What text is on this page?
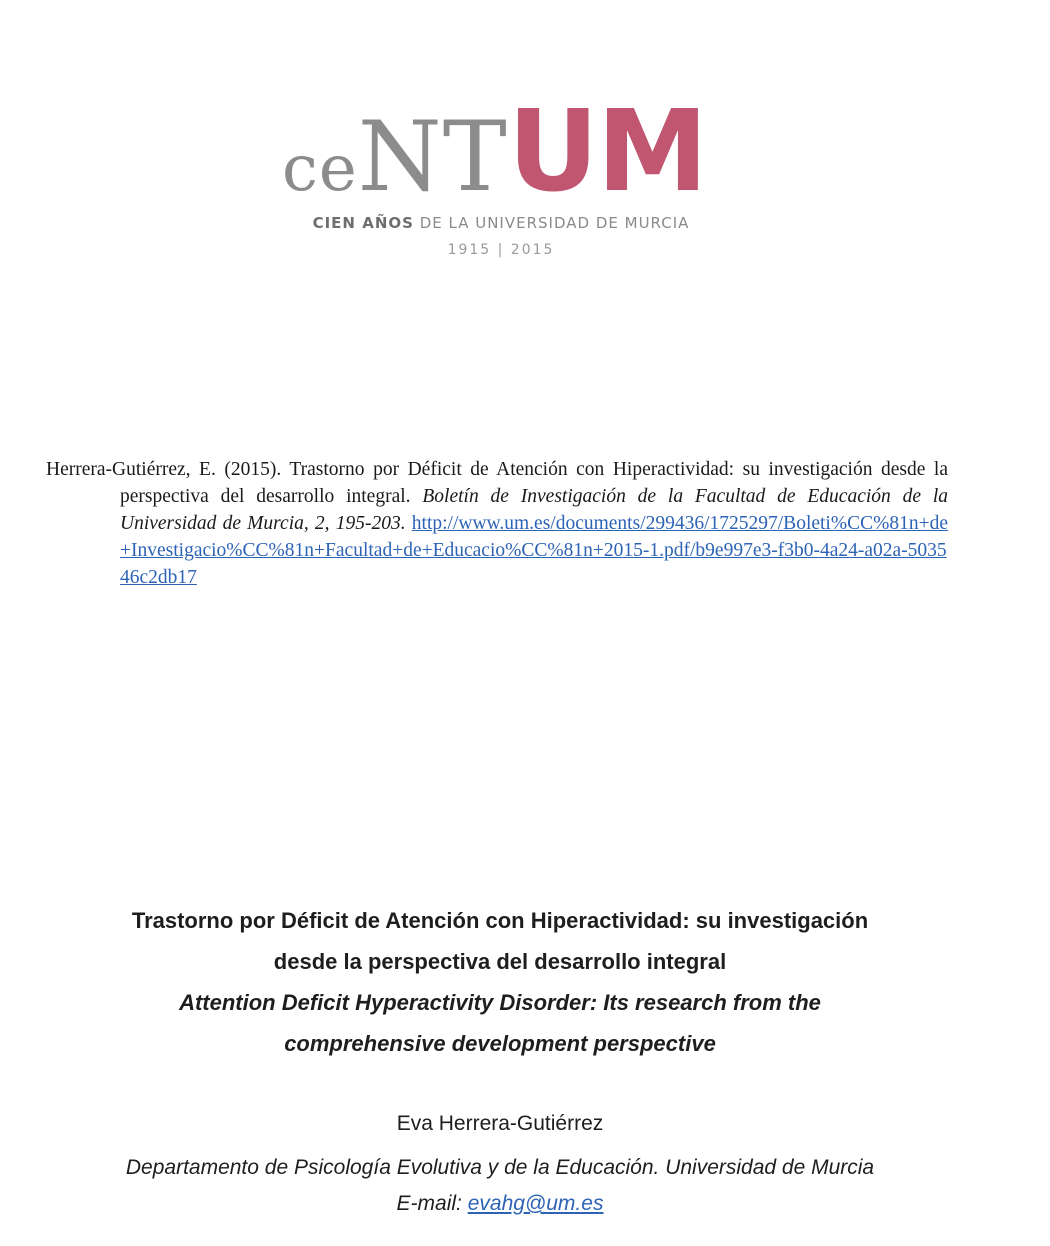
ceNTUM
CIEN AÑOS DE LA UNIVERSIDAD DE MURCIA
1915 | 2015

Herrera-Gutiérrez, E. (2015). Trastorno por Déficit de Atención con Hiperactividad: su investigación desde la perspectiva del desarrollo integral. Boletín de Investigación de la Facultad de Educación de la Universidad de Murcia, 2, 195-203. http://www.um.es/documents/299436/1725297/Boleti%CC%81n+de+Investigacio%CC%81n+Facultad+de+Educacio%CC%81n+2015-1.pdf/b9e997e3-f3b0-4a24-a02a-503546c2db17

Trastorno por Déficit de Atención con Hiperactividad: su investigación
desde la perspectiva del desarrollo integral
Attention Deficit Hyperactivity Disorder: Its research from the
comprehensive development perspective
Eva Herrera-Gutiérrez
Departamento de Psicología Evolutiva y de la Educación. Universidad de Murcia
E-mail: evahg@um.es
